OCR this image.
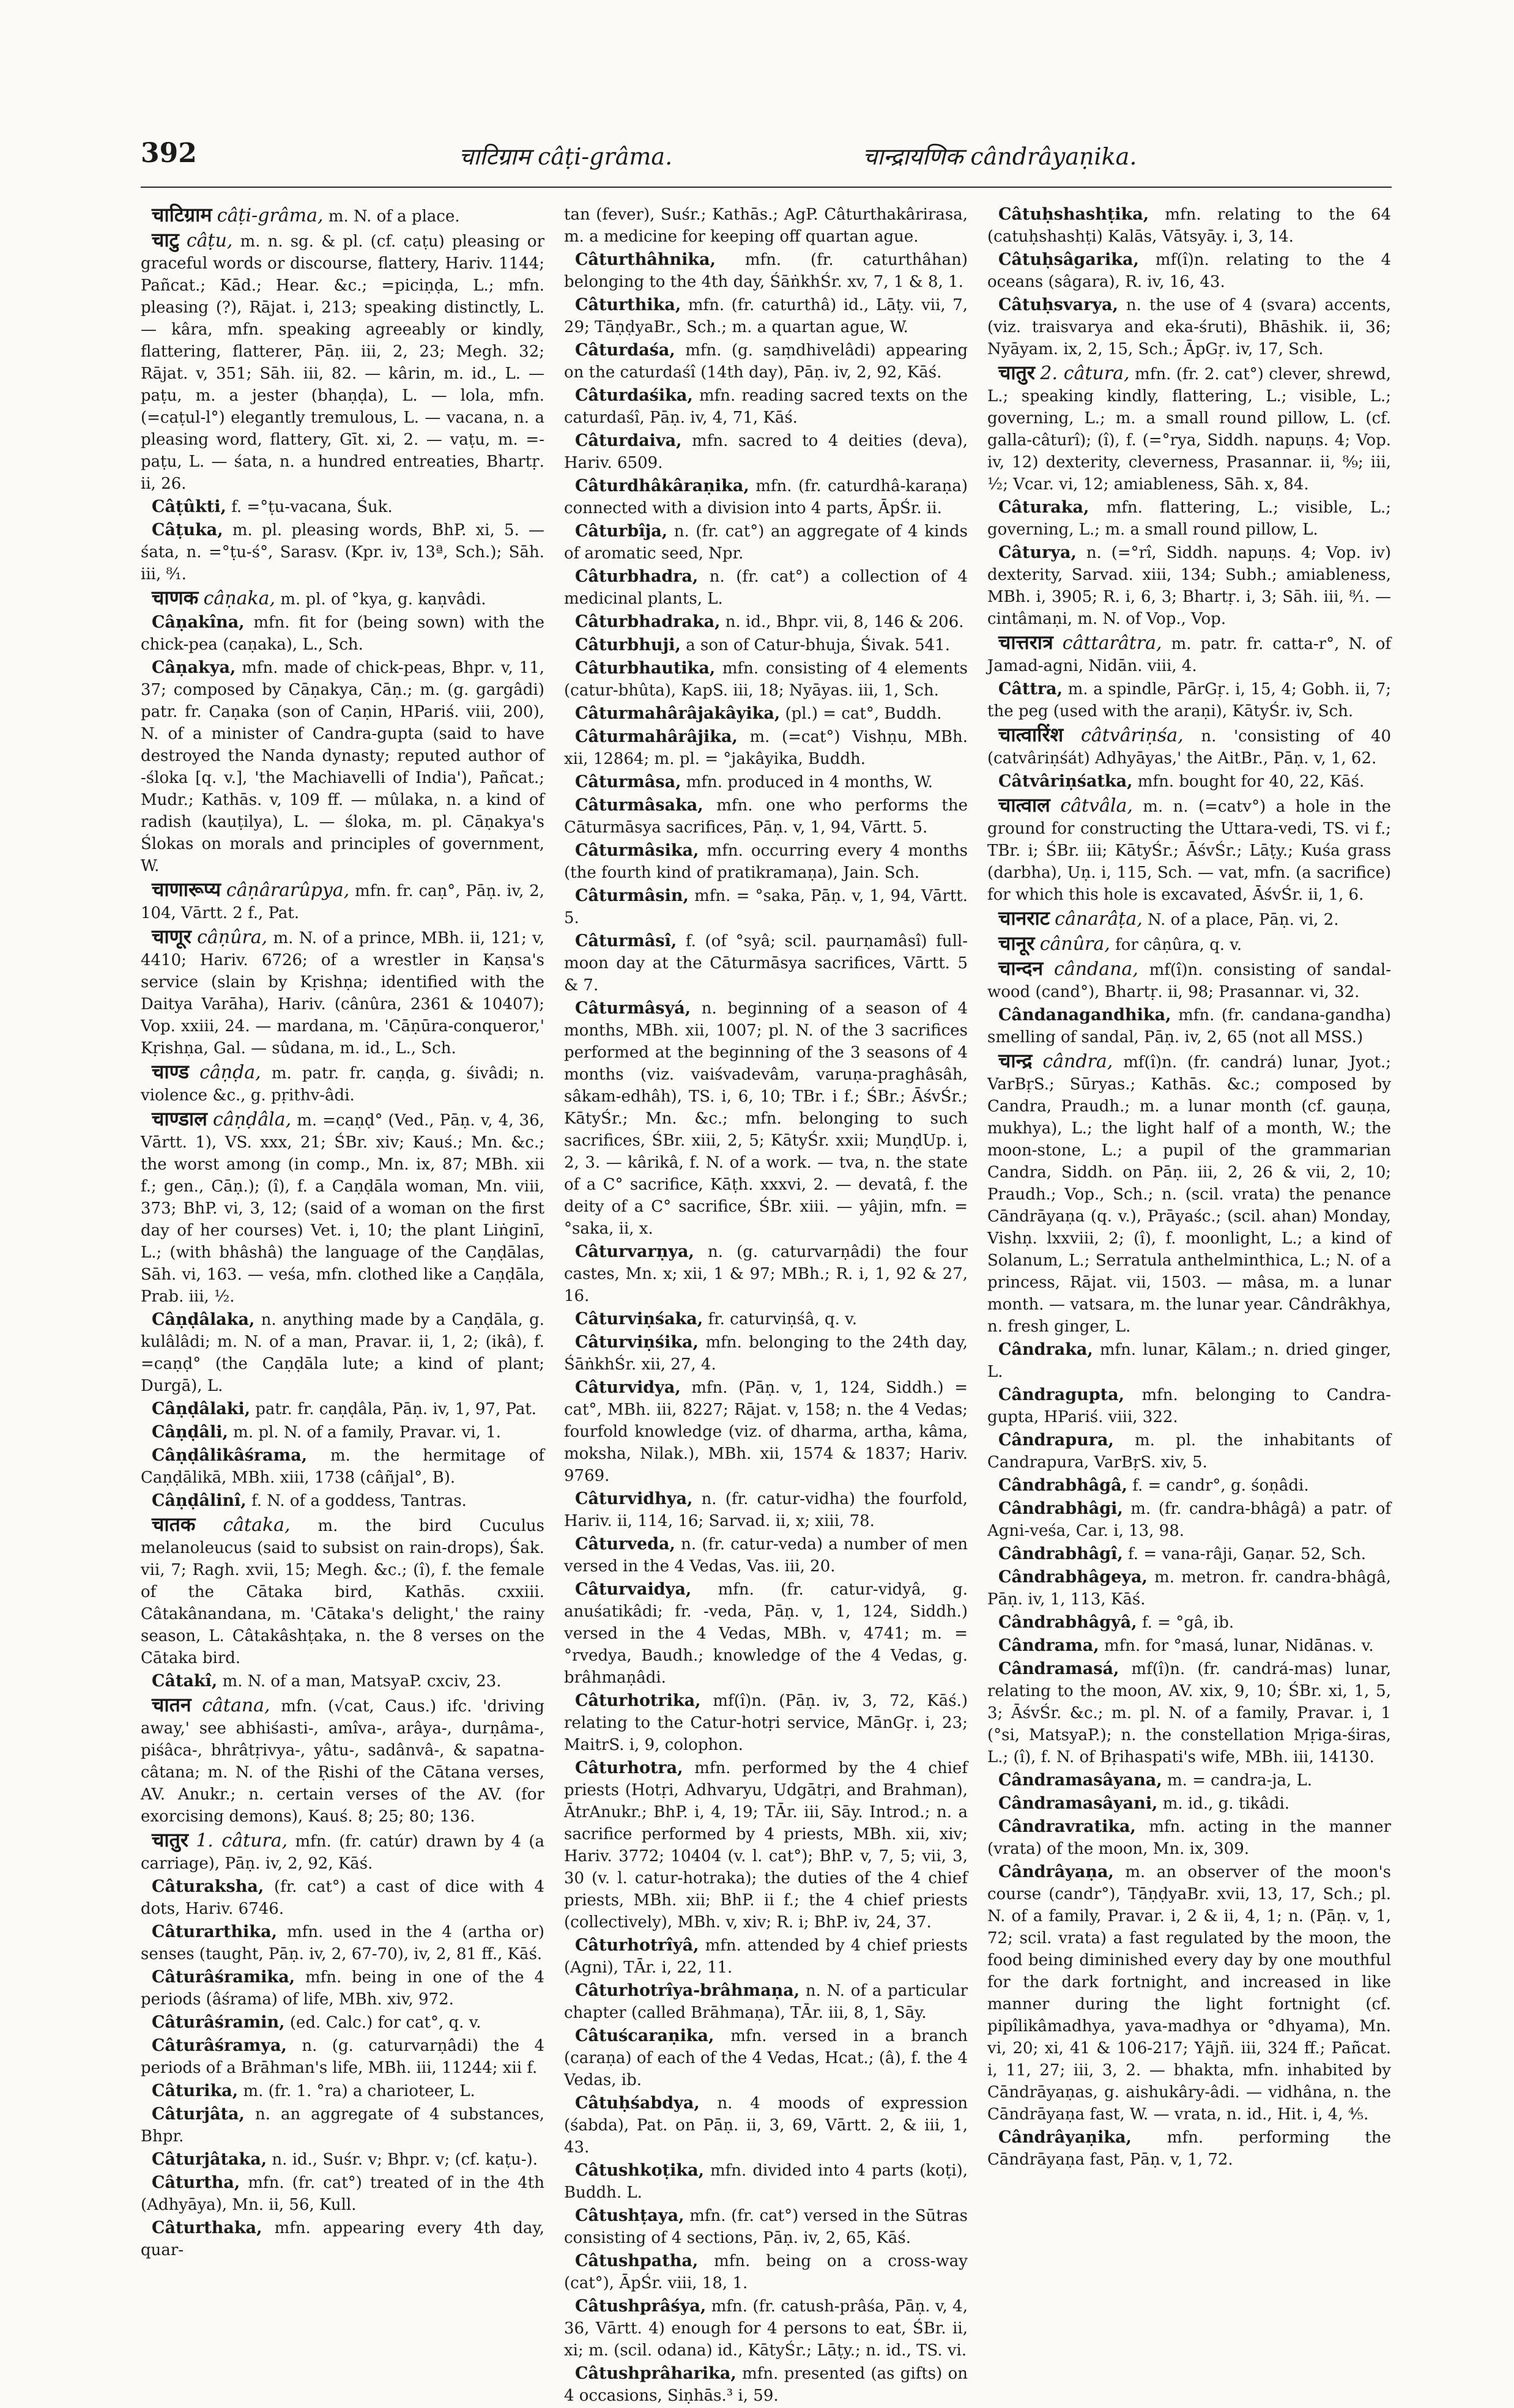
392	चाटिग्राम câṭi-grâma.	चान्द्रायणिक cândrâyaṇika.

चाटिग्राम câṭi-grâma, m. N. of a place.

चाटु câṭu, m. n. sg. & pl. (cf. caṭu) pleasing or graceful words or discourse, flattery, Hariv. 1144; Pañcat.; Kād.; Hear. &c.; =piciṇḍa, L.; mfn. pleasing (?), Rājat. i, 213; speaking distinctly, L. — kâra, mfn. speaking agreeably or kindly, flattering, flatterer, Pāṇ. iii, 2, 23; Megh. 32; Rājat. v, 351; Sāh. iii, 82. — kârin, m. id., L. — paṭu, m. a jester (bhaṇḍa), L. — lola, mfn. (=caṭul-l°) elegantly tremulous, L. — vacana, n. a pleasing word, flattery, Gīt. xi, 2. — vaṭu, m. =-paṭu, L. — śata, n. a hundred entreaties, Bhartṛ. ii, 26.

Câṭûkti, f. =°ṭu-vacana, Śuk.

Câṭuka, m. pl. pleasing words, BhP. xi, 5. — śata, n. =°ṭu-ś°, Sarasv. (Kpr. iv, 13ª, Sch.); Sāh. iii, ⁸⁄₁.

चाणक câṇaka, m. pl. of °kya, g. kaṇvâdi.

Câṇakîna, mfn. fit for (being sown) with the chick-pea (caṇaka), L., Sch.

Câṇakya, mfn. made of chick-peas, Bhpr. v, 11, 37; composed by Cāṇakya, Cāṇ.; m. (g. gargâdi) patr. fr. Caṇaka (son of Caṇin, HPariś. viii, 200), N. of a minister of Candra-gupta (said to have destroyed the Nanda dynasty; reputed author of -śloka [q. v.], 'the Machiavelli of India'), Pañcat.; Mudr.; Kathās. v, 109 ff. — mûlaka, n. a kind of radish (kauṭilya), L. — śloka, m. pl. Cāṇakya's Ślokas on morals and principles of government, W.

चाणारूप्य câṇârarûpya, mfn. fr. caṇ°, Pāṇ. iv, 2, 104, Vārtt. 2 f., Pat.

चाणूर câṇûra, m. N. of a prince, MBh. ii, 121; v, 4410; Hariv. 6726; of a wrestler in Kaṇsa's service (slain by Kṛishṇa; identified with the Daitya Varāha), Hariv. (cânûra, 2361 & 10407); Vop. xxiii, 24. — mardana, m. 'Cāṇūra-conqueror,' Kṛishṇa, Gal. — sûdana, m. id., L., Sch.

चाण्ड câṇḍa, m. patr. fr. caṇḍa, g. śivâdi; n. violence &c., g. pṛithv-âdi.

चाण्डाल câṇḍâla, m. =caṇḍ° (Ved., Pāṇ. v, 4, 36, Vārtt. 1), VS. xxx, 21; ŚBr. xiv; Kauś.; Mn. &c.; the worst among (in comp., Mn. ix, 87; MBh. xii f.; gen., Cāṇ.); (î), f. a Caṇḍāla woman, Mn. viii, 373; BhP. vi, 3, 12; (said of a woman on the first day of her courses) Vet. i, 10; the plant Liṅginī, L.; (with bhâshâ) the language of the Caṇḍālas, Sāh. vi, 163. — veśa, mfn. clothed like a Caṇḍāla, Prab. iii, ¹⁄₂.

Câṇḍâlaka, n. anything made by a Caṇḍāla, g. kulâlâdi; m. N. of a man, Pravar. ii, 1, 2; (ikâ), f. =caṇḍ° (the Caṇḍāla lute; a kind of plant; Durgā), L.

Câṇḍâlaki, patr. fr. caṇḍâla, Pāṇ. iv, 1, 97, Pat.

Câṇḍâli, m. pl. N. of a family, Pravar. vi, 1.

Câṇḍâlikâśrama, m. the hermitage of Caṇḍālikā, MBh. xiii, 1738 (câñjal°, B).

Câṇḍâlinî, f. N. of a goddess, Tantras.

चातक câtaka, m. the bird Cuculus melanoleucus (said to subsist on rain-drops), Śak. vii, 7; Ragh. xvii, 15; Megh. &c.; (î), f. the female of the Cātaka bird, Kathās. cxxiii. Câtakânandana, m. 'Cātaka's delight,' the rainy season, L. Câtakâshṭaka, n. the 8 verses on the Cātaka bird.

Câtakî, m. N. of a man, MatsyaP. cxciv, 23.

चातन câtana, mfn. (√cat, Caus.) ifc. 'driving away,' see abhiśasti-, amîva-, arâya-, durṇâma-, piśâca-, bhrâtṛivya-, yâtu-, sadânvâ-, & sapatna-câtana; m. N. of the Ṛishi of the Cātana verses, AV. Anukr.; n. certain verses of the AV. (for exorcising demons), Kauś. 8; 25; 80; 136.

चातुर 1. câtura, mfn. (fr. catúr) drawn by 4 (a carriage), Pāṇ. iv, 2, 92, Kāś.

Câturaksha, (fr. cat°) a cast of dice with 4 dots, Hariv. 6746.

Câturarthika, mfn. used in the 4 (artha or) senses (taught, Pāṇ. iv, 2, 67-70), iv, 2, 81 ff., Kāś.

Câturâśramika, mfn. being in one of the 4 periods (âśrama) of life, MBh. xiv, 972.

Câturâśramin, (ed. Calc.) for cat°, q. v.

Câturâśramya, n. (g. caturvarṇâdi) the 4 periods of a Brāhman's life, MBh. iii, 11244; xii f.

Câturika, m. (fr. 1. °ra) a charioteer, L.

Câturjâta, n. an aggregate of 4 substances, Bhpr.

Câturjâtaka, n. id., Suśr. v; Bhpr. v; (cf. kaṭu-).

Câturtha, mfn. (fr. cat°) treated of in the 4th (Adhyāya), Mn. ii, 56, Kull.

Câturthaka, mfn. appearing every 4th day, quar-

tan (fever), Suśr.; Kathās.; AgP. Câturthakârirasa, m. a medicine for keeping off quartan ague.

Câturthâhnika, mfn. (fr. caturthâhan) belonging to the 4th day, ŚāṅkhŚr. xv, 7, 1 & 8, 1.

Câturthika, mfn. (fr. caturthâ) id., Lāṭy. vii, 7, 29; TāṇḍyaBr., Sch.; m. a quartan ague, W.

Câturdaśa, mfn. (g. saṃdhivelâdi) appearing on the caturdaśî (14th day), Pāṇ. iv, 2, 92, Kāś.

Câturdaśika, mfn. reading sacred texts on the caturdaśî, Pāṇ. iv, 4, 71, Kāś.

Câturdaiva, mfn. sacred to 4 deities (deva), Hariv. 6509.

Câturdhâkâraṇika, mfn. (fr. caturdhâ-karaṇa) connected with a division into 4 parts, ĀpŚr. ii.

Câturbîja, n. (fr. cat°) an aggregate of 4 kinds of aromatic seed, Npr.

Câturbhadra, n. (fr. cat°) a collection of 4 medicinal plants, L.

Câturbhadraka, n. id., Bhpr. vii, 8, 146 & 206.

Câturbhuji, a son of Catur-bhuja, Śivak. 541.

Câturbhautika, mfn. consisting of 4 elements (catur-bhûta), KapS. iii, 18; Nyāyas. iii, 1, Sch.

Câturmahârâjakâyika, (pl.) = cat°, Buddh.

Câturmahârâjika, m. (=cat°) Vishṇu, MBh. xii, 12864; m. pl. = °jakâyika, Buddh.

Câturmâsa, mfn. produced in 4 months, W.

Câturmâsaka, mfn. one who performs the Cāturmāsya sacrifices, Pāṇ. v, 1, 94, Vārtt. 5.

Câturmâsika, mfn. occurring every 4 months (the fourth kind of pratikramaṇa), Jain. Sch.

Câturmâsin, mfn. = °saka, Pāṇ. v, 1, 94, Vārtt. 5.

Câturmâsî, f. (of °syâ; scil. paurṇamâsî) full-moon day at the Cāturmāsya sacrifices, Vārtt. 5 & 7.

Câturmâsyá, n. beginning of a season of 4 months, MBh. xii, 1007; pl. N. of the 3 sacrifices performed at the beginning of the 3 seasons of 4 months (viz. vaiśvadevâm, varuṇa-praghâsâh, sâkam-edhâh), TS. i, 6, 10; TBr. i f.; ŚBr.; ĀśvŚr.; KātyŚr.; Mn. &c.; mfn. belonging to such sacrifices, ŚBr. xiii, 2, 5; KātyŚr. xxii; MuṇḍUp. i, 2, 3. — kârikâ, f. N. of a work. — tva, n. the state of a C° sacrifice, Kāṭh. xxxvi, 2. — devatâ, f. the deity of a C° sacrifice, ŚBr. xiii. — yâjin, mfn. = °saka, ii, x.

Câturvarṇya, n. (g. caturvarṇâdi) the four castes, Mn. x; xii, 1 & 97; MBh.; R. i, 1, 92 & 27, 16.

Câturviṇśaka, fr. caturviṇśâ, q. v.

Câturviṇśika, mfn. belonging to the 24th day, ŚāṅkhŚr. xii, 27, 4.

Câturvidya, mfn. (Pāṇ. v, 1, 124, Siddh.) = cat°, MBh. iii, 8227; Rājat. v, 158; n. the 4 Vedas; fourfold knowledge (viz. of dharma, artha, kâma, moksha, Nilak.), MBh. xii, 1574 & 1837; Hariv. 9769.

Câturvidhya, n. (fr. catur-vidha) the fourfold, Hariv. ii, 114, 16; Sarvad. ii, x; xiii, 78.

Câturveda, n. (fr. catur-veda) a number of men versed in the 4 Vedas, Vas. iii, 20.

Câturvaidya, mfn. (fr. catur-vidyâ, g. anuśatikâdi; fr. -veda, Pāṇ. v, 1, 124, Siddh.) versed in the 4 Vedas, MBh. v, 4741; m. = °rvedya, Baudh.; knowledge of the 4 Vedas, g. brâhmaṇâdi.

Câturhotrika, mf(î)n. (Pāṇ. iv, 3, 72, Kāś.) relating to the Catur-hotṛi service, MānGṛ. i, 23; MaitrS. i, 9, colophon.

Câturhotra, mfn. performed by the 4 chief priests (Hotṛi, Adhvaryu, Udgātṛi, and Brahman), ĀtrAnukr.; BhP. i, 4, 19; TĀr. iii, Sāy. Introd.; n. a sacrifice performed by 4 priests, MBh. xii, xiv; Hariv. 3772; 10404 (v. l. cat°); BhP. v, 7, 5; vii, 3, 30 (v. l. catur-hotraka); the duties of the 4 chief priests, MBh. xii; BhP. ii f.; the 4 chief priests (collectively), MBh. v, xiv; R. i; BhP. iv, 24, 37.

Câturhotrîyâ, mfn. attended by 4 chief priests (Agni), TĀr. i, 22, 11.

Câturhotrîya-brâhmaṇa, n. N. of a particular chapter (called Brāhmaṇa), TĀr. iii, 8, 1, Sāy.

Câtuścaraṇika, mfn. versed in a branch (caraṇa) of each of the 4 Vedas, Hcat.; (â), f. the 4 Vedas, ib.

Câtuḥśabdya, n. 4 moods of expression (śabda), Pat. on Pāṇ. ii, 3, 69, Vārtt. 2, & iii, 1, 43.

Câtushkoṭika, mfn. divided into 4 parts (koṭi), Buddh. L.

Câtushṭaya, mfn. (fr. cat°) versed in the Sūtras consisting of 4 sections, Pāṇ. iv, 2, 65, Kāś.

Câtushpatha, mfn. being on a cross-way (cat°), ĀpŚr. viii, 18, 1.

Câtushprâśya, mfn. (fr. catush-prâśa, Pāṇ. v, 4, 36, Vārtt. 4) enough for 4 persons to eat, ŚBr. ii, xi; m. (scil. odana) id., KātyŚr.; Lāṭy.; n. id., TS. vi.

Câtushprâharika, mfn. presented (as gifts) on 4 occasions, Siṇhās.³ i, 59.

Câtuḥshashṭika, mfn. relating to the 64 (catuḥshashṭi) Kalās, Vātsyāy. i, 3, 14.

Câtuḥsâgarika, mf(î)n. relating to the 4 oceans (sâgara), R. iv, 16, 43.

Câtuḥsvarya, n. the use of 4 (svara) accents, (viz. traisvarya and eka-śruti), Bhāshik. ii, 36; Nyāyam. ix, 2, 15, Sch.; ĀpGṛ. iv, 17, Sch.

चातुर 2. câtura, mfn. (fr. 2. cat°) clever, shrewd, L.; speaking kindly, flattering, L.; visible, L.; governing, L.; m. a small round pillow, L. (cf. galla-câturî); (î), f. (=°rya, Siddh. napuṇs. 4; Vop. iv, 12) dexterity, cleverness, Prasannar. ii, ⁸⁄₉; iii, ¹⁄₂; Vcar. vi, 12; amiableness, Sāh. x, 84.

Câturaka, mfn. flattering, L.; visible, L.; governing, L.; m. a small round pillow, L.

Câturya, n. (=°rî, Siddh. napuṇs. 4; Vop. iv) dexterity, Sarvad. xiii, 134; Subh.; amiableness, MBh. i, 3905; R. i, 6, 3; Bhartṛ. i, 3; Sāh. iii, ⁸⁄₁. — cintâmaṇi, m. N. of Vop., Vop.

चात्तरात्र câttarâtra, m. patr. fr. catta-r°, N. of Jamad-agni, Nidān. viii, 4.

Câttra, m. a spindle, PārGṛ. i, 15, 4; Gobh. ii, 7; the peg (used with the araṇi), KātyŚr. iv, Sch.

चात्वारिंश câtvâriṇśa, n. 'consisting of 40 (catvâriṇśát) Adhyāyas,' the AitBr., Pāṇ. v, 1, 62.

Câtvâriṇśatka, mfn. bought for 40, 22, Kāś.

चात्वाल câtvâla, m. n. (=catv°) a hole in the ground for constructing the Uttara-vedi, TS. vi f.; TBr. i; ŚBr. iii; KātyŚr.; ĀśvŚr.; Lāṭy.; Kuśa grass (darbha), Uṇ. i, 115, Sch. — vat, mfn. (a sacrifice) for which this hole is excavated, ĀśvŚr. ii, 1, 6.

चानराट cânarâṭa, N. of a place, Pāṇ. vi, 2.

चानूर cânûra, for câṇûra, q. v.

चान्दन cândana, mf(î)n. consisting of sandal-wood (cand°), Bhartṛ. ii, 98; Prasannar. vi, 32.

Cândanagandhika, mfn. (fr. candana-gandha) smelling of sandal, Pāṇ. iv, 2, 65 (not all MSS.)

चान्द्र cândra, mf(î)n. (fr. candrá) lunar, Jyot.; VarBṛS.; Sūryas.; Kathās. &c.; composed by Candra, Praudh.; m. a lunar month (cf. gauṇa, mukhya), L.; the light half of a month, W.; the moon-stone, L.; a pupil of the grammarian Candra, Siddh. on Pāṇ. iii, 2, 26 & vii, 2, 10; Praudh.; Vop., Sch.; n. (scil. vrata) the penance Cāndrāyaṇa (q. v.), Prāyaśc.; (scil. ahan) Monday, Vishṇ. lxxviii, 2; (î), f. moonlight, L.; a kind of Solanum, L.; Serratula anthelminthica, L.; N. of a princess, Rājat. vii, 1503. — mâsa, m. a lunar month. — vatsara, m. the lunar year. Cândrâkhya, n. fresh ginger, L.

Cândraka, mfn. lunar, Kālam.; n. dried ginger, L.

Cândragupta, mfn. belonging to Candra-gupta, HPariś. viii, 322.

Cândrapura, m. pl. the inhabitants of Candrapura, VarBṛS. xiv, 5.

Cândrabhâgâ, f. = candr°, g. śoṇâdi.

Cândrabhâgi, m. (fr. candra-bhâgâ) a patr. of Agni-veśa, Car. i, 13, 98.

Cândrabhâgî, f. = vana-râji, Gaṇar. 52, Sch.

Cândrabhâgeya, m. metron. fr. candra-bhâgâ, Pāṇ. iv, 1, 113, Kāś.

Cândrabhâgyâ, f. = °gâ, ib.

Cândrama, mfn. for °masá, lunar, Nidānas. v.

Cândramasá, mf(î)n. (fr. candrá-mas) lunar, relating to the moon, AV. xix, 9, 10; ŚBr. xi, 1, 5, 3; ĀśvŚr. &c.; m. pl. N. of a family, Pravar. i, 1 (°si, MatsyaP.); n. the constellation Mṛiga-śiras, L.; (î), f. N. of Bṛihaspati's wife, MBh. iii, 14130.

Cândramasâyana, m. = candra-ja, L.

Cândramasâyani, m. id., g. tikâdi.

Cândravratika, mfn. acting in the manner (vrata) of the moon, Mn. ix, 309.

Cândrâyaṇa, m. an observer of the moon's course (candr°), TāṇḍyaBr. xvii, 13, 17, Sch.; pl. N. of a family, Pravar. i, 2 & ii, 4, 1; n. (Pāṇ. v, 1, 72; scil. vrata) a fast regulated by the moon, the food being diminished every day by one mouthful for the dark fortnight, and increased in like manner during the light fortnight (cf. pipîlikâmadhya, yava-madhya or °dhyama), Mn. vi, 20; xi, 41 & 106-217; Yājñ. iii, 324 ff.; Pañcat. i, 11, 27; iii, 3, 2. — bhakta, mfn. inhabited by Cāndrāyaṇas, g. aishukâry-âdi. — vidhâna, n. the Cāndrāyaṇa fast, W. — vrata, n. id., Hit. i, 4, ⁴⁄₅.

Cândrâyaṇika, mfn. performing the Cāndrāyaṇa fast, Pāṇ. v, 1, 72.
